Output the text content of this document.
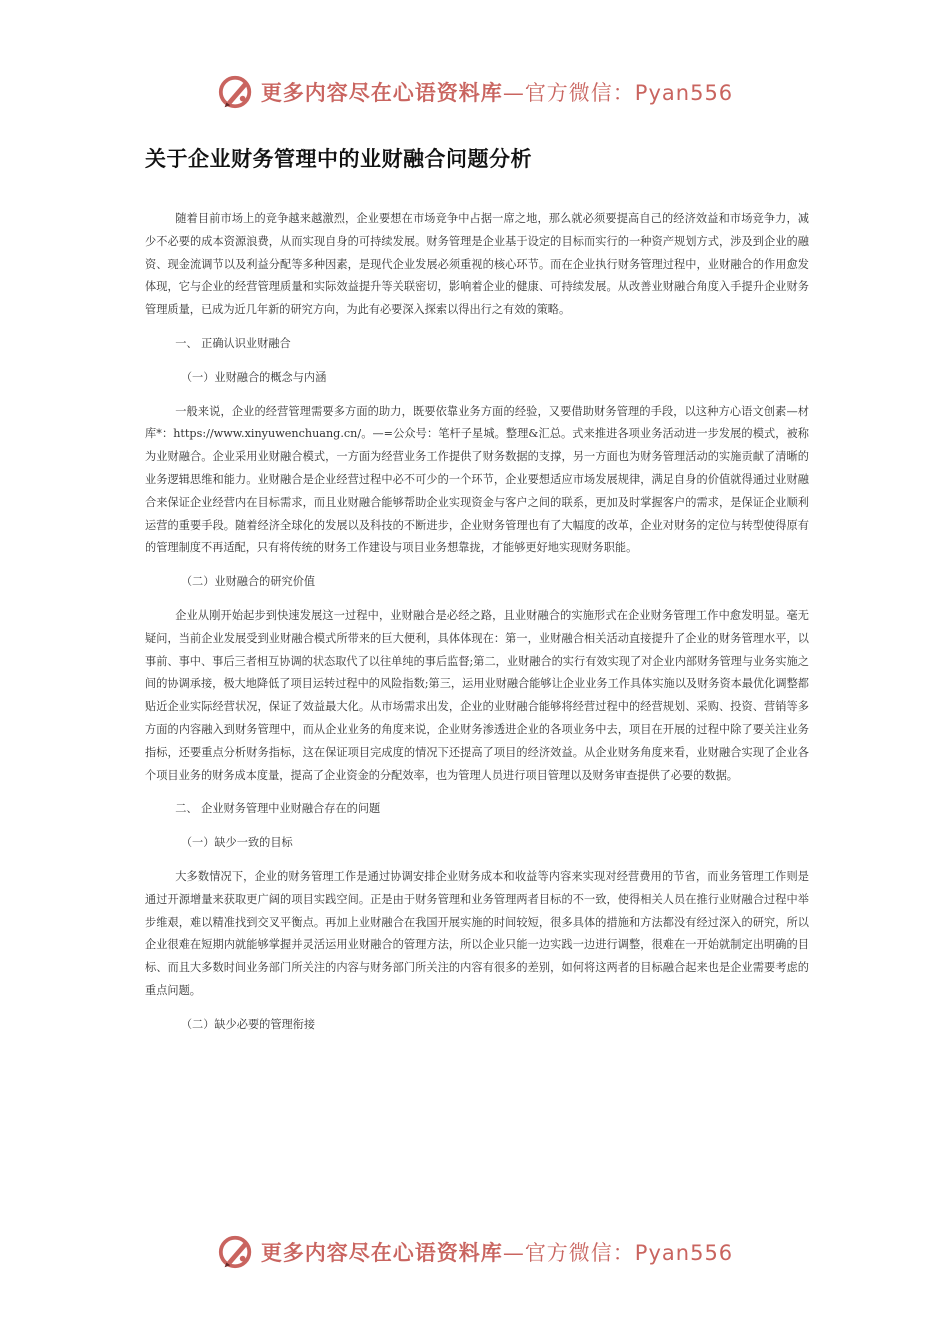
更多内容尽在心语资料库—官方微信：Pyan556
关于企业财务管理中的业财融合问题分析

随着目前市场上的竞争越来越激烈，企业要想在市场竞争中占据一席之地，那么就必须要提高自己的经济效益和市场竞争力，减少不必要的成本资源浪费，从而实现自身的可持续发展。财务管理是企业基于设定的目标而实行的一种资产规划方式，涉及到企业的融资、现金流调节以及利益分配等多种因素，是现代企业发展必须重视的核心环节。而在企业执行财务管理过程中，业财融合的作用愈发体现，它与企业的经营管理质量和实际效益提升等关联密切，影响着企业的健康、可持续发展。从改善业财融合角度入手提升企业财务管理质量，已成为近几年新的研究方向，为此有必要深入探索以得出行之有效的策略。

一、 正确认识业财融合

（一）业财融合的概念与内涵

一般来说，企业的经营管理需要多方面的助力，既要依靠业务方面的经验，又要借助财务管理的手段，以这种方心语文创素—材库*：https://www.xinyuwenchuang.cn/。—=公众号：笔杆子星城。整理&汇总。式来推进各项业务活动进一步发展的模式，被称为业财融合。企业采用业财融合模式，一方面为经营业务工作提供了财务数据的支撑，另一方面也为财务管理活动的实施贡献了清晰的业务逻辑思维和能力。业财融合是企业经营过程中必不可少的一个环节，企业要想适应市场发展规律，满足自身的价值就得通过业财融合来保证企业经营内在目标需求，而且业财融合能够帮助企业实现资金与客户之间的联系，更加及时掌握客户的需求，是保证企业顺利运营的重要手段。随着经济全球化的发展以及科技的不断进步，企业财务管理也有了大幅度的改革，企业对财务的定位与转型使得原有的管理制度不再适配，只有将传统的财务工作建设与项目业务想靠拢，才能够更好地实现财务职能。

（二）业财融合的研究价值

企业从刚开始起步到快速发展这一过程中，业财融合是必经之路，且业财融合的实施形式在企业财务管理工作中愈发明显。毫无疑问，当前企业发展受到业财融合模式所带来的巨大便利，具体体现在：第一，业财融合相关活动直接提升了企业的财务管理水平，以事前、事中、事后三者相互协调的状态取代了以往单纯的事后监督;第二，业财融合的实行有效实现了对企业内部财务管理与业务实施之间的协调承接，极大地降低了项目运转过程中的风险指数;第三，运用业财融合能够让企业业务工作具体实施以及财务资本最优化调整都贴近企业实际经营状况，保证了效益最大化。从市场需求出发，企业的业财融合能够将经营过程中的经营规划、采购、投资、营销等多方面的内容融入到财务管理中，而从企业业务的角度来说，企业财务渗透进企业的各项业务中去，项目在开展的过程中除了要关注业务指标，还要重点分析财务指标，这在保证项目完成度的情况下还提高了项目的经济效益。从企业财务角度来看，业财融合实现了企业各个项目业务的财务成本度量，提高了企业资金的分配效率，也为管理人员进行项目管理以及财务审查提供了必要的数据。

二、 企业财务管理中业财融合存在的问题

（一）缺少一致的目标

大多数情况下，企业的财务管理工作是通过协调安排企业财务成本和收益等内容来实现对经营费用的节省，而业务管理工作则是通过开源增量来获取更广阔的项目实践空间。正是由于财务管理和业务管理两者目标的不一致，使得相关人员在推行业财融合过程中举步维艰，难以精准找到交叉平衡点。再加上业财融合在我国开展实施的时间较短，很多具体的措施和方法都没有经过深入的研究，所以企业很难在短期内就能够掌握并灵活运用业财融合的管理方法，所以企业只能一边实践一边进行调整，很难在一开始就制定出明确的目标、而且大多数时间业务部门所关注的内容与财务部门所关注的内容有很多的差别，如何将这两者的目标融合起来也是企业需要考虑的重点问题。

（二）缺少必要的管理衔接

更多内容尽在心语资料库—官方微信：Pyan556
